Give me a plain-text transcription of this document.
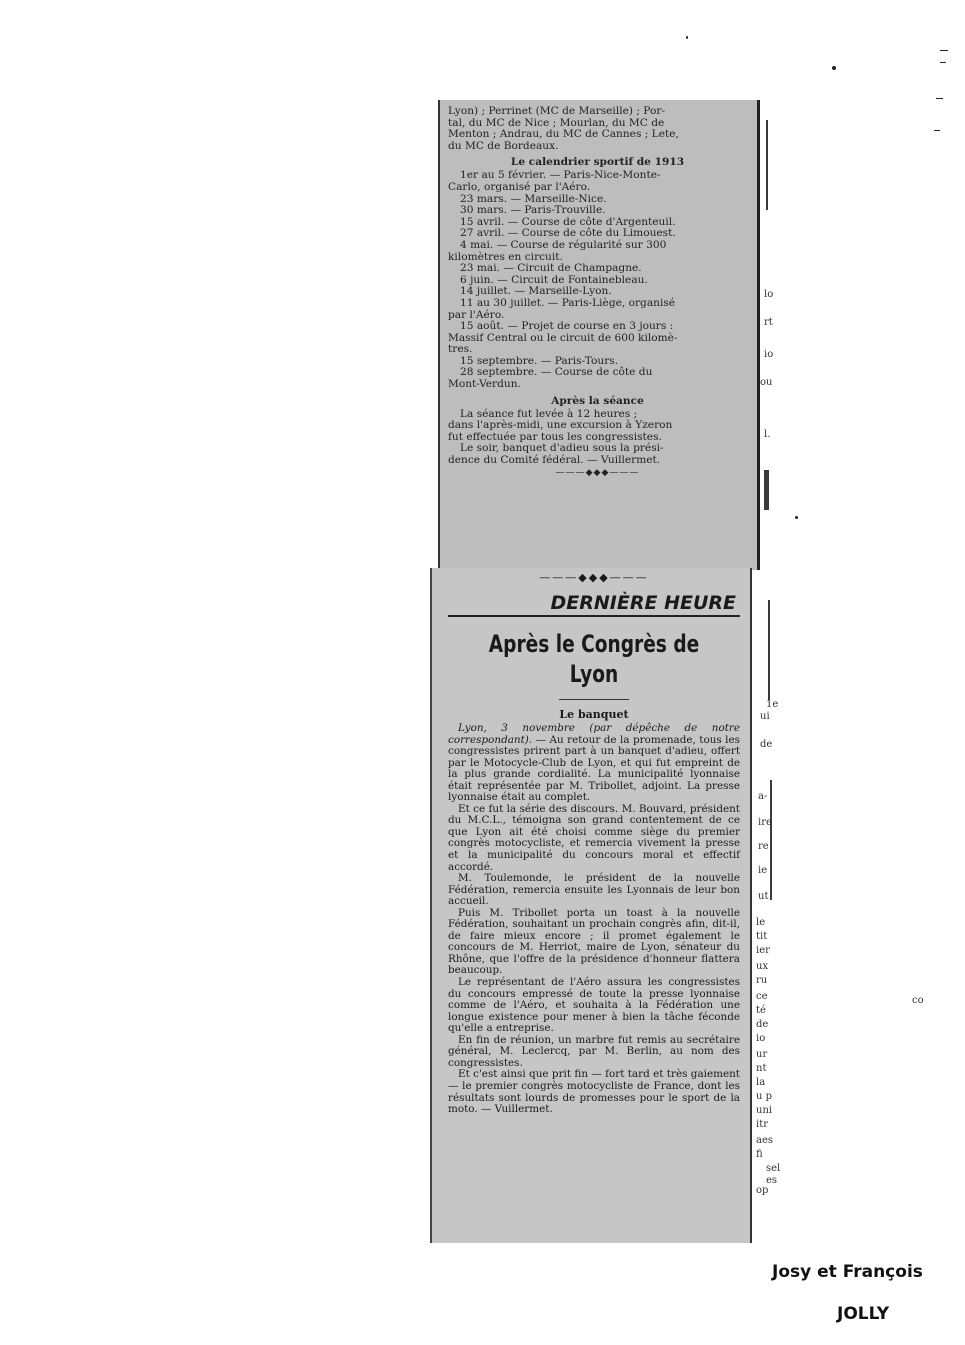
Lyon) ; Perrinet (MC de Marseille) ; Por-

tal, du MC de Nice ; Mourlan, du MC de

Menton ; Andrau, du MC de Cannes ; Lete,

du MC de Bordeaux.

Le calendrier sportif de 1913

1er au 5 février. — Paris-Nice-Monte-

Carlo, organisé par l'Aéro.

23 mars. — Marseille-Nice.

30 mars. — Paris-Trouville.

15 avril. — Course de côte d'Argenteuil.

27 avril. — Course de côte du Limouest.

4 mai. — Course de régularité sur 300

kilomètres en circuit.

23 mai. — Circuit de Champagne.

6 juin. — Circuit de Fontainebleau.

14 juillet. — Marseille-Lyon.

11 au 30 juillet. — Paris-Liège, organisé

par l'Aéro.

15 août. — Projet de course en 3 jours :

Massif Central ou le circuit de 600 kilomè-

tres.

15 septembre. — Paris-Tours.

28 septembre. — Course de côte du

Mont-Verdun.

Après la séance

La séance fut levée à 12 heures ;

dans l'après-midi, une excursion à Yzeron

fut effectuée par tous les congressistes.

Le soir, banquet d'adieu sous la prési-

dence du Comité fédéral. — Vuillermet.

———◆◆◆———
lo
rt
io
ou
l.
ui
de
a-
ire
re
ie
ut
le
tit
ier
ux
ru
ce
té
de
io
ur
nt
la
u p
uni
itr
aes
fi
co
sel
1e
es
op
———◆◆◆———
DERNIÈRE HEURE
Après le Congrès de Lyon
Le banquet

Lyon, 3 novembre (par dépêche de notre correspondant). — Au retour de la promenade, tous les congressistes prirent part à un banquet d'adieu, offert par le Motocycle-Club de Lyon, et qui fut empreint de la plus grande cordialité. La municipalité lyonnaise était représentée par M. Tribollet, adjoint. La presse lyonnaise était au complet.

Et ce fut la série des discours. M. Bouvard, président du M.C.L., témoigna son grand contentement de ce que Lyon ait été choisi comme siège du premier congrès motocycliste, et remercia vivement la presse et la municipalité du concours moral et effectif accordé.

M. Toulemonde, le président de la nouvelle Fédération, remercia ensuite les Lyonnais de leur bon accueil.

Puis M. Tribollet porta un toast à la nouvelle Fédération, souhaitant un prochain congrès afin, dit-il, de faire mieux encore ; il promet également le concours de M. Herriot, maire de Lyon, sénateur du Rhône, que l'offre de la présidence d'honneur flattera beaucoup.

Le représentant de l'Aéro assura les congressistes du concours empressé de toute la presse lyonnaise comme de l'Aéro, et souhaita à la Fédération une longue existence pour mener à bien la tâche féconde qu'elle a entreprise.

En fin de réunion, un marbre fut remis au secrétaire général, M. Leclercq, par M. Berlin, au nom des congressistes.

Et c'est ainsi que prit fin — fort tard et très gaiement — le premier congrès motocycliste de France, dont les résultats sont lourds de promesses pour le sport de la moto. — Vuillermet.

Josy et François
JOLLY
